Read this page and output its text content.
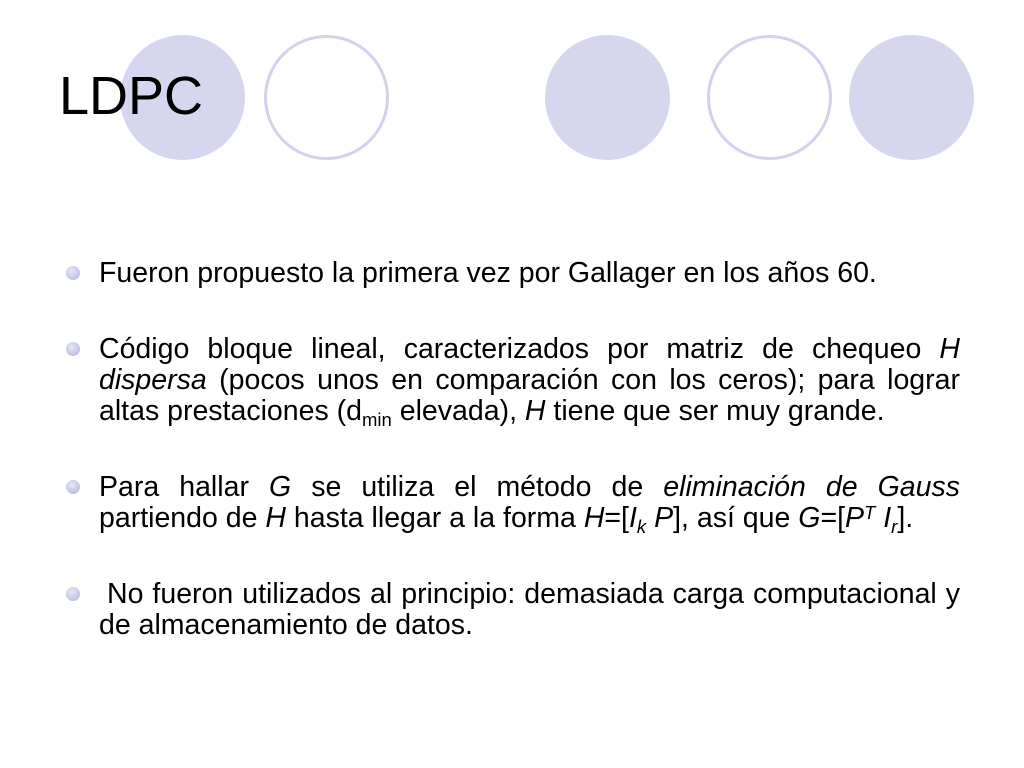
LDPC
Fueron propuesto la primera vez por Gallager en los años 60.
Código bloque lineal, caracterizados por matriz de chequeo H dispersa (pocos unos en comparación con los ceros); para lograr altas prestaciones (dmin elevada), H tiene que ser muy grande.
Para hallar G se utiliza el método de eliminación de Gauss partiendo de H hasta llegar a la forma H=[Ik P], así que $G=[P^T$ Ir].
No fueron utilizados al principio: demasiada carga computacional y de almacenamiento de datos.
